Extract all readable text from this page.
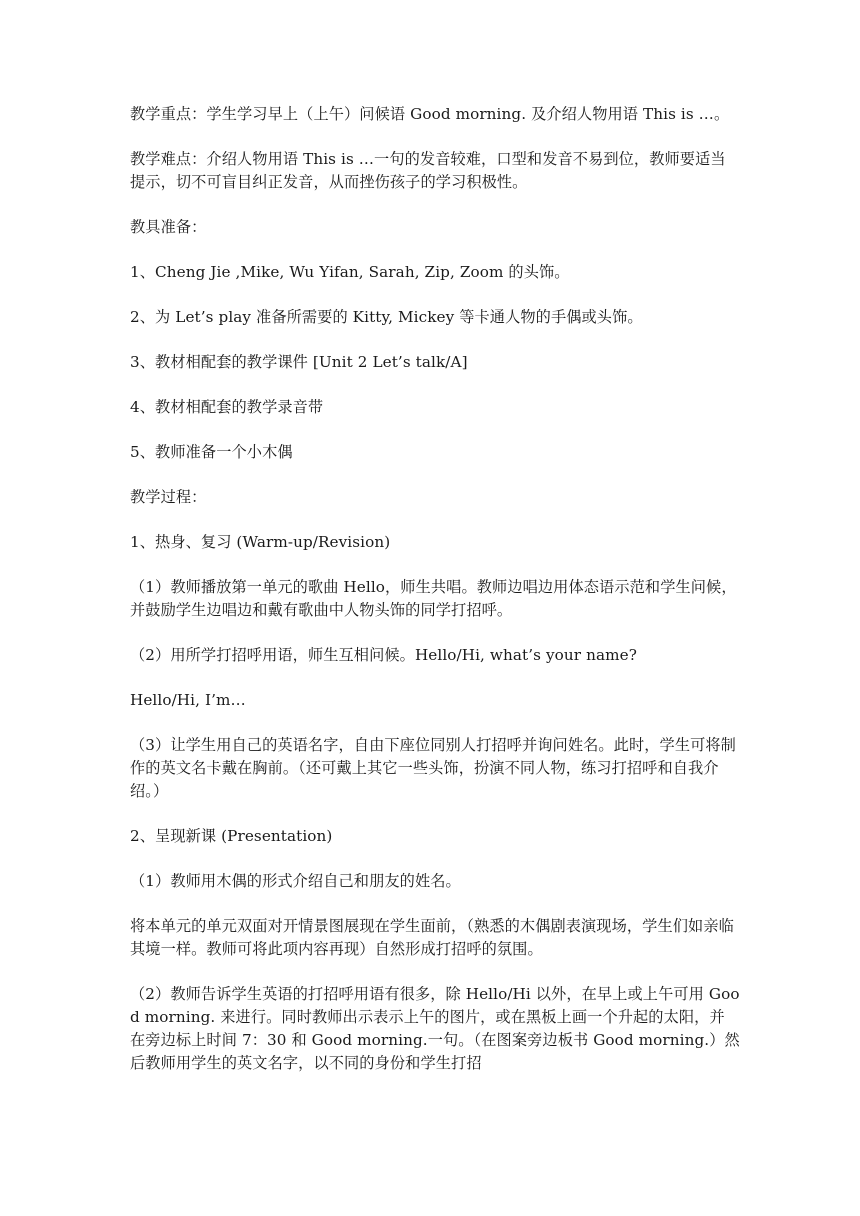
教学重点：学生学习早上（上午）问候语 Good morning. 及介绍人物用语 This is …。

教学难点：介绍人物用语 This is …一句的发音较难，口型和发音不易到位，教师要适当提示，切不可盲目纠正发音，从而挫伤孩子的学习积极性。

教具准备：

1、Cheng Jie ,Mike, Wu Yifan, Sarah, Zip, Zoom 的头饰。

2、为 Let’s play 准备所需要的 Kitty, Mickey 等卡通人物的手偶或头饰。

3、教材相配套的教学课件 [Unit 2 Let’s talk/A]

4、教材相配套的教学录音带

5、教师准备一个小木偶

教学过程：

1、热身、复习 (Warm-up/Revision)

（1）教师播放第一单元的歌曲 Hello，师生共唱。教师边唱边用体态语示范和学生问候，并鼓励学生边唱边和戴有歌曲中人物头饰的同学打招呼。

（2）用所学打招呼用语，师生互相问候。Hello/Hi, what’s your name?

Hello/Hi, I’m…

（3）让学生用自己的英语名字，自由下座位同别人打招呼并询问姓名。此时，学生可将制作的英文名卡戴在胸前。（还可戴上其它一些头饰，扮演不同人物，练习打招呼和自我介绍。）

2、呈现新课 (Presentation)

（1）教师用木偶的形式介绍自己和朋友的姓名。

将本单元的单元双面对开情景图展现在学生面前，（熟悉的木偶剧表演现场，学生们如亲临其境一样。教师可将此项内容再现）自然形成打招呼的氛围。

（2）教师告诉学生英语的打招呼用语有很多，除 Hello/Hi 以外，在早上或上午可用 Good morning. 来进行。同时教师出示表示上午的图片，或在黑板上画一个升起的太阳，并在旁边标上时间 7：30 和 Good morning.一句。（在图案旁边板书 Good morning.）然后教师用学生的英文名字，以不同的身份和学生打招
